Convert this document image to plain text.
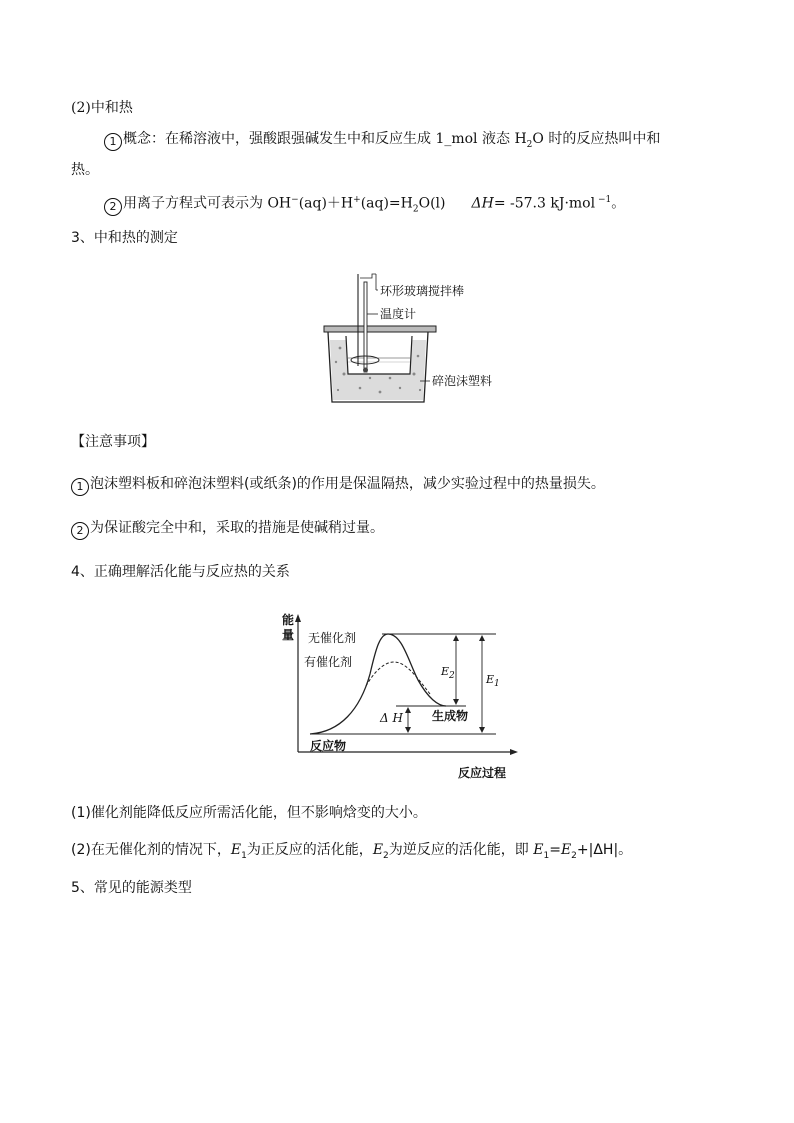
(2)中和热
1 概念：在稀溶液中，强酸跟强碱发生中和反应生成 1_mol 液态 $H_2O$ 时的反应热叫中和
热。
2 用离子方程式可表示为 $OH^-(aq)+H^+(aq)=H_2O(l)$ ΔH= -57.3 kJ·mol $^{-1}$。
3、中和热的测定
环形玻璃搅拌棒
温度计
碎泡沫塑料
【注意事项】
1 泡沫塑料板和碎泡沫塑料(或纸条)的作用是保温隔热，减少实验过程中的热量损失。
2 为保证酸完全中和，采取的措施是使碱稍过量。
4、正确理解活化能与反应热的关系
能
量 无催化剂
有催化剂
$E_2$	$E_1$
Δ H 生成物
反应物
反应过程
(1)催化剂能降低反应所需活化能，但不影响焓变的大小。
(2)在无催化剂的情况下，$E_1$为正反应的活化能，$E_2$为逆反应的活化能，即 $E_1=E_2+|\Delta H|$。
5、常见的能源类型
